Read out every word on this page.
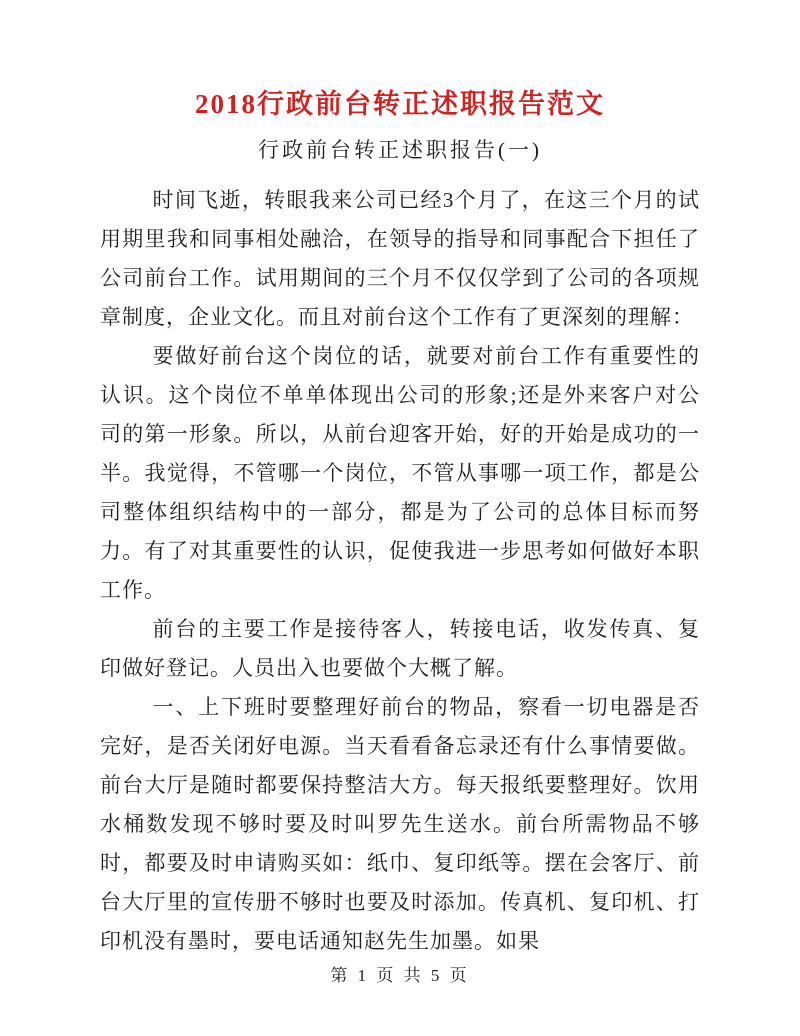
2018行政前台转正述职报告范文
行政前台转正述职报告(一)

时间飞逝，转眼我来公司已经3个月了，在这三个月的试用期里我和同事相处融洽，在领导的指导和同事配合下担任了公司前台工作。试用期间的三个月不仅仅学到了公司的各项规章制度，企业文化。而且对前台这个工作有了更深刻的理解：

要做好前台这个岗位的话，就要对前台工作有重要性的认识。这个岗位不单单体现出公司的形象;还是外来客户对公司的第一形象。所以，从前台迎客开始，好的开始是成功的一半。我觉得，不管哪一个岗位，不管从事哪一项工作，都是公司整体组织结构中的一部分，都是为了公司的总体目标而努力。有了对其重要性的认识，促使我进一步思考如何做好本职工作。

前台的主要工作是接待客人，转接电话，收发传真、复印做好登记。人员出入也要做个大概了解。

一、上下班时要整理好前台的物品，察看一切电器是否完好，是否关闭好电源。当天看看备忘录还有什么事情要做。前台大厅是随时都要保持整洁大方。每天报纸要整理好。饮用水桶数发现不够时要及时叫罗先生送水。前台所需物品不够时，都要及时申请购买如：纸巾、复印纸等。摆在会客厅、前台大厅里的宣传册不够时也要及时添加。传真机、复印机、打印机没有墨时，要电话通知赵先生加墨。如果

第 1 页 共 5 页
